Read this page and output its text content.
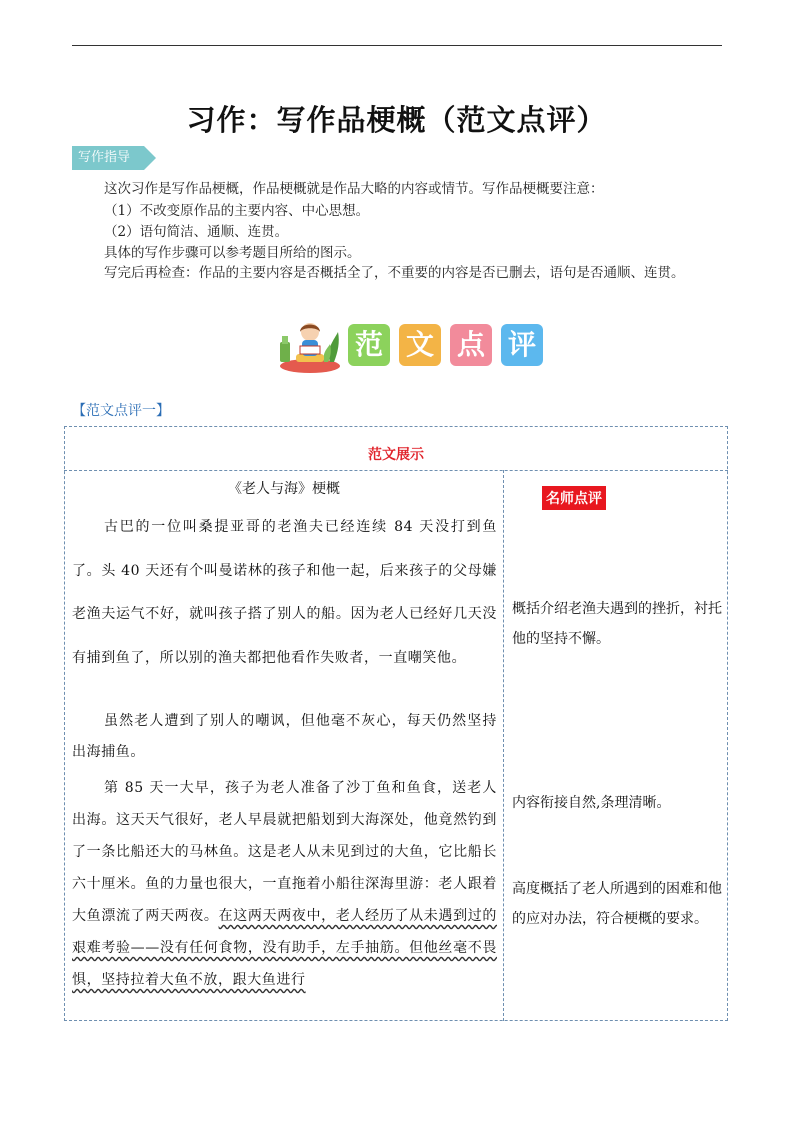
习作：写作品梗概（范文点评）
写作指导
这次习作是写作品梗概，作品梗概就是作品大略的内容或情节。写作品梗概要注意：
（1）不改变原作品的主要内容、中心思想。
（2）语句简洁、通顺、连贯。
具体的写作步骤可以参考题目所给的图示。
写完后再检查：作品的主要内容是否概括全了，不重要的内容是否已删去，语句是否通顺、连贯。
范 文 点 评
【范文点评一】
范文展示
《老人与海》梗概

古巴的一位叫桑提亚哥的老渔夫已经连续 84 天没打到鱼了。头 40 天还有个叫曼诺林的孩子和他一起，后来孩子的父母嫌老渔夫运气不好，就叫孩子搭了别人的船。因为老人已经好几天没有捕到鱼了，所以别的渔夫都把他看作失败者，一直嘲笑他。

虽然老人遭到了别人的嘲讽，但他毫不灰心，每天仍然坚持出海捕鱼。

第 85 天一大早，孩子为老人准备了沙丁鱼和鱼食，送老人出海。这天天气很好，老人早晨就把船划到大海深处，他竟然钓到了一条比船还大的马林鱼。这是老人从未见到过的大鱼，它比船长六十厘米。鱼的力量也很大，一直拖着小船往深海里游：老人跟着大鱼漂流了两天两夜。在这两天两夜中，老人经历了从未遇到过的艰难考验——没有任何食物，没有助手，左手抽筋。但他丝毫不畏惧，坚持拉着大鱼不放，跟大鱼进行

名师点评
概括介绍老渔夫遇到的挫折，衬托他的坚持不懈。
内容衔接自然,条理清晰。
高度概括了老人所遇到的困难和他的应对办法，符合梗概的要求。
